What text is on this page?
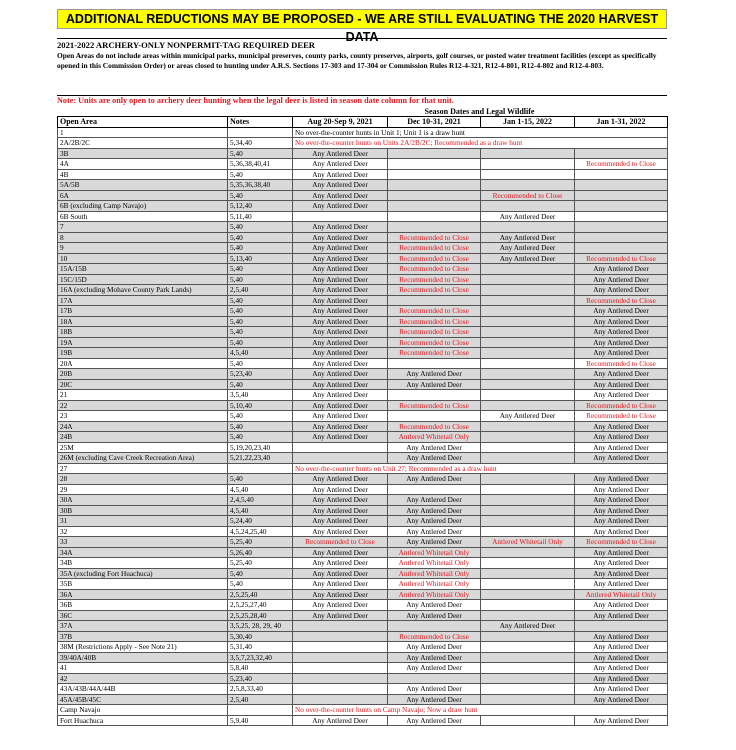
ADDITIONAL REDUCTIONS MAY BE PROPOSED - WE ARE STILL EVALUATING THE 2020 HARVEST DATA
2021-2022 ARCHERY-ONLY NONPERMIT-TAG REQUIRED DEER
Open Areas do not include areas within municipal parks, municipal preserves, county parks, county preserves, airports, golf courses, or posted water treatment facilities (except as specifically opened in this Commission Order) or areas closed to hunting under A.R.S. Sections 17-303 and 17-304 or Commission Rules R12-4-321, R12-4-801, R12-4-802 and R12-4-803.
Note: Units are only open to archery deer hunting when the legal deer is listed in season date column for that unit.
Season Dates and Legal Wildlife
Open Area	Notes	Aug 20-Sep 9, 2021	Dec 10-31, 2021	Jan 1-15, 2022	Jan 1-31, 2022
1		No over-the-counter hunts in Unit 1; Unit 1 is a draw hunt			
2A/2B/2C	5,34,40	No over-the-counter hunts on Units 2A/2B/2C; Recommended as a draw hunt			
3B	5,40	Any Antlered Deer			
4A	5,36,38,40,41	Any Antlered Deer			Recommended to Close
4B	5,40	Any Antlered Deer			
5A/5B	5,35,36,38,40	Any Antlered Deer			
6A	5,40	Any Antlered Deer		Recommended to Close	
6B (excluding Camp Navajo)	5,12,40	Any Antlered Deer			
6B South	5,11,40			Any Antlered Deer	
7	5,40	Any Antlered Deer			
8	5,40	Any Antlered Deer	Recommended to Close	Any Antlered Deer	
9	5,40	Any Antlered Deer	Recommended to Close	Any Antlered Deer	
10	5,13,40	Any Antlered Deer	Recommended to Close	Any Antlered Deer	Recommended to Close
15A/15B	5,40	Any Antlered Deer	Recommended to Close		Any Antlered Deer
15C/15D	5,40	Any Antlered Deer	Recommended to Close		Any Antlered Deer
16A (excluding Mohave County Park Lands)	2,5,40	Any Antlered Deer	Recommended to Close		Any Antlered Deer
17A	5,40	Any Antlered Deer			Recommended to Close
17B	5,40	Any Antlered Deer	Recommended to Close		Any Antlered Deer
18A	5,40	Any Antlered Deer	Recommended to Close		Any Antlered Deer
18B	5,40	Any Antlered Deer	Recommended to Close		Any Antlered Deer
19A	5,40	Any Antlered Deer	Recommended to Close		Any Antlered Deer
19B	4,5,40	Any Antlered Deer	Recommended to Close		Any Antlered Deer
20A	5,40	Any Antlered Deer			Recommended to Close
20B	5,23,40	Any Antlered Deer	Any Antlered Deer		Any Antlered Deer
20C	5,40	Any Antlered Deer	Any Antlered Deer		Any Antlered Deer
21	3,5,40	Any Antlered Deer			Any Antlered Deer
22	5,10,40	Any Antlered Deer	Recommended to Close		Recommended to Close
23	5,40	Any Antlered Deer		Any Antlered Deer	Recommended to Close
24A	5,40	Any Antlered Deer	Recommended to Close		Any Antlered Deer
24B	5,40	Any Antlered Deer	Antlered Whitetail Only		Any Antlered Deer
25M	5,19,20,23,40		Any Antlered Deer		Any Antlered Deer
26M (excluding Cave Creek Recreation Area)	5,21,22,23,40		Any Antlered Deer		Any Antlered Deer
27		No over-the-counter hunts on Unit 27; Recommended as a draw hunt			
28	5,40	Any Antlered Deer	Any Antlered Deer		Any Antlered Deer
29	4,5,40	Any Antlered Deer			Any Antlered Deer
30A	2,4,5,40	Any Antlered Deer	Any Antlered Deer		Any Antlered Deer
30B	4,5,40	Any Antlered Deer	Any Antlered Deer		Any Antlered Deer
31	5,24,40	Any Antlered Deer	Any Antlered Deer		Any Antlered Deer
32	4,5,24,25,40	Any Antlered Deer	Any Antlered Deer		Any Antlered Deer
33	5,25,40	Recommended to Close	Any Antlered Deer	Antlered Whitetail Only	Recommended to Close
34A	5,26,40	Any Antlered Deer	Antlered Whitetail Only		Any Antlered Deer
34B	5,25,40	Any Antlered Deer	Antlered Whitetail Only		Any Antlered Deer
35A (excluding Fort Huachuca)	5,40	Any Antlered Deer	Antlered Whitetail Only		Any Antlered Deer
35B	5,40	Any Antlered Deer	Antlered Whitetail Only		Any Antlered Deer
36A	2,5,25,40	Any Antlered Deer	Antlered Whitetail Only		Antlered Whitetail Only
36B	2,5,25,27,40	Any Antlered Deer	Any Antlered Deer		Any Antlered Deer
36C	2,5,25,28,40	Any Antlered Deer	Any Antlered Deer		Any Antlered Deer
37A	3,5,25, 28, 29, 40			Any Antlered Deer	
37B	5,30,40		Recommended to Close		Any Antlered Deer
38M (Restrictions Apply - See Note 21)	5,31,40		Any Antlered Deer		Any Antlered Deer
39/40A/40B	3,5,7,23,32,40		Any Antlered Deer		Any Antlered Deer
41	5,8,40		Any Antlered Deer		Any Antlered Deer
42	5,23,40				Any Antlered Deer
43A/43B/44A/44B	2,5,8,33,40		Any Antlered Deer		Any Antlered Deer
45A/45B/45C	2,5,40		Any Antlered Deer		Any Antlered Deer
Camp Navajo		No over-the-counter hunts on Camp Navajo; Now a draw hunt			
Fort Huachuca	5,9,40	Any Antlered Deer	Any Antlered Deer		Any Antlered Deer
